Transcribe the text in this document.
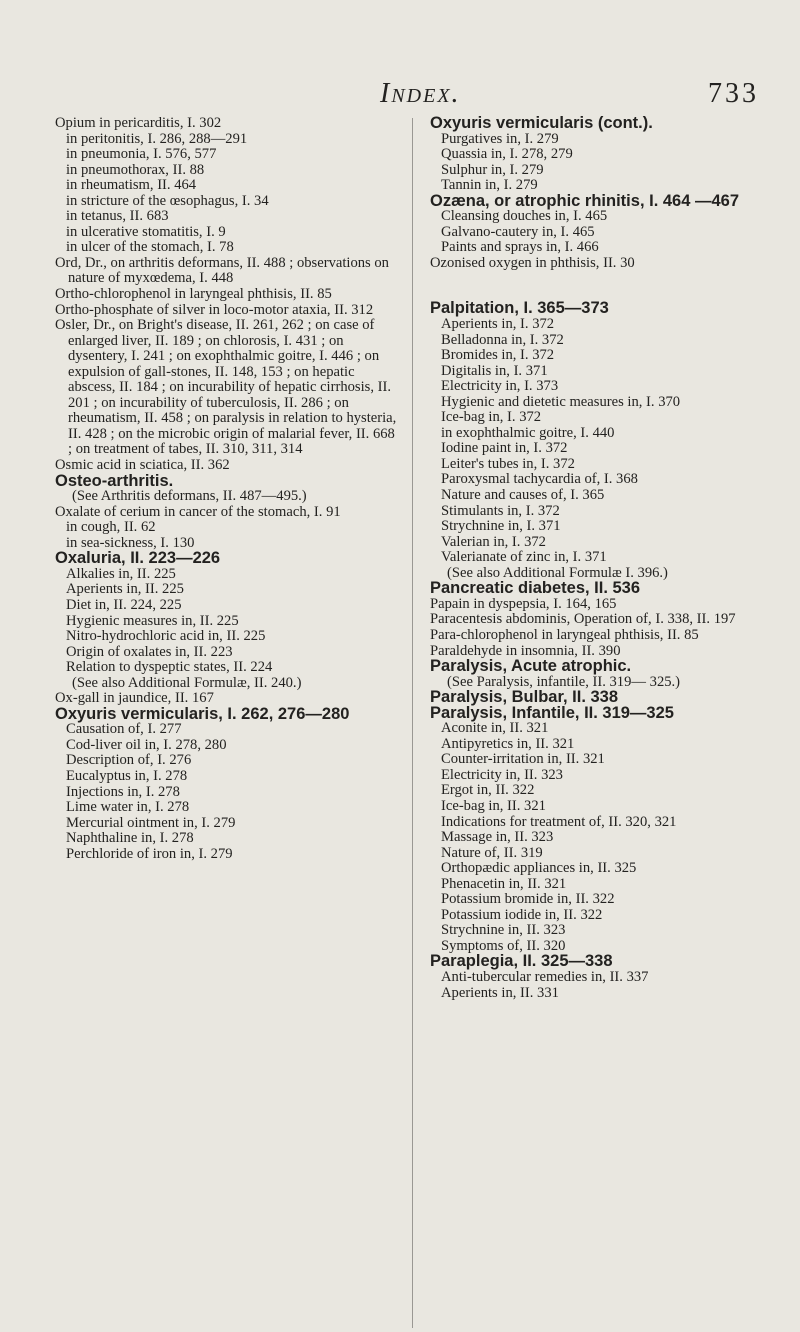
Index.	733
Opium in pericarditis, I. 302
in peritonitis, I. 286, 288—291
in pneumonia, I. 576, 577
in pneumothorax, II. 88
in rheumatism, II. 464
in stricture of the œsophagus, I. 34
in tetanus, II. 683
in ulcerative stomatitis, I. 9
in ulcer of the stomach, I. 78
Ord, Dr., on arthritis deformans, II. 488 ; observations on nature of myxœdema, I. 448
Ortho-chlorophenol in laryngeal phthisis, II. 85
Ortho-phosphate of silver in loco-motor ataxia, II. 312
Osler, Dr., on Bright's disease, II. 261, 262 ; on case of enlarged liver, II. 189 ; on chlorosis, I. 431 ; on dysentery, I. 241 ; on exophthalmic goitre, I. 446 ; on expulsion of gall-stones, II. 148, 153 ; on hepatic abscess, II. 184 ; on incurability of hepatic cirrhosis, II. 201 ; on incurability of tuberculosis, II. 286 ; on rheumatism, II. 458 ; on paralysis in relation to hysteria, II. 428 ; on the microbic origin of malarial fever, II. 668 ; on treatment of tabes, II. 310, 311, 314
Osmic acid in sciatica, II. 362
Osteo-arthritis.
(See Arthritis deformans, II. 487—495.)
Oxalate of cerium in cancer of the stomach, I. 91
in cough, II. 62
in sea-sickness, I. 130
Oxaluria, II. 223—226
Alkalies in, II. 225
Aperients in, II. 225
Diet in, II. 224, 225
Hygienic measures in, II. 225
Nitro-hydrochloric acid in, II. 225
Origin of oxalates in, II. 223
Relation to dyspeptic states, II. 224
(See also Additional Formulæ, II. 240.)
Ox-gall in jaundice, II. 167
Oxyuris vermicularis, I. 262, 276—280
Causation of, I. 277
Cod-liver oil in, I. 278, 280
Description of, I. 276
Eucalyptus in, I. 278
Injections in, I. 278
Lime water in, I. 278
Mercurial ointment in, I. 279
Naphthaline in, I. 278
Perchloride of iron in, I. 279
Oxyuris vermicularis (cont.).
Purgatives in, I. 279
Quassia in, I. 278, 279
Sulphur in, I. 279
Tannin in, I. 279
Ozæna, or atrophic rhinitis, I. 464 —467
Cleansing douches in, I. 465
Galvano-cautery in, I. 465
Paints and sprays in, I. 466
Ozonised oxygen in phthisis, II. 30
Palpitation, I. 365—373
Aperients in, I. 372
Belladonna in, I. 372
Bromides in, I. 372
Digitalis in, I. 371
Electricity in, I. 373
Hygienic and dietetic measures in, I. 370
Ice-bag in, I. 372
in exophthalmic goitre, I. 440
Iodine paint in, I. 372
Leiter's tubes in, I. 372
Paroxysmal tachycardia of, I. 368
Nature and causes of, I. 365
Stimulants in, I. 372
Strychnine in, I. 371
Valerian in, I. 372
Valerianate of zinc in, I. 371
(See also Additional Formulæ I. 396.)
Pancreatic diabetes, II. 536
Papain in dyspepsia, I. 164, 165
Paracentesis abdominis, Operation of, I. 338, II. 197
Para-chlorophenol in laryngeal phthisis, II. 85
Paraldehyde in insomnia, II. 390
Paralysis, Acute atrophic.
(See Paralysis, infantile, II. 319— 325.)
Paralysis, Bulbar, II. 338
Paralysis, Infantile, II. 319—325
Aconite in, II. 321
Antipyretics in, II. 321
Counter-irritation in, II. 321
Electricity in, II. 323
Ergot in, II. 322
Ice-bag in, II. 321
Indications for treatment of, II. 320, 321
Massage in, II. 323
Nature of, II. 319
Orthopædic appliances in, II. 325
Phenacetin in, II. 321
Potassium bromide in, II. 322
Potassium iodide in, II. 322
Strychnine in, II. 323
Symptoms of, II. 320
Paraplegia, II. 325—338
Anti-tubercular remedies in, II. 337
Aperients in, II. 331
